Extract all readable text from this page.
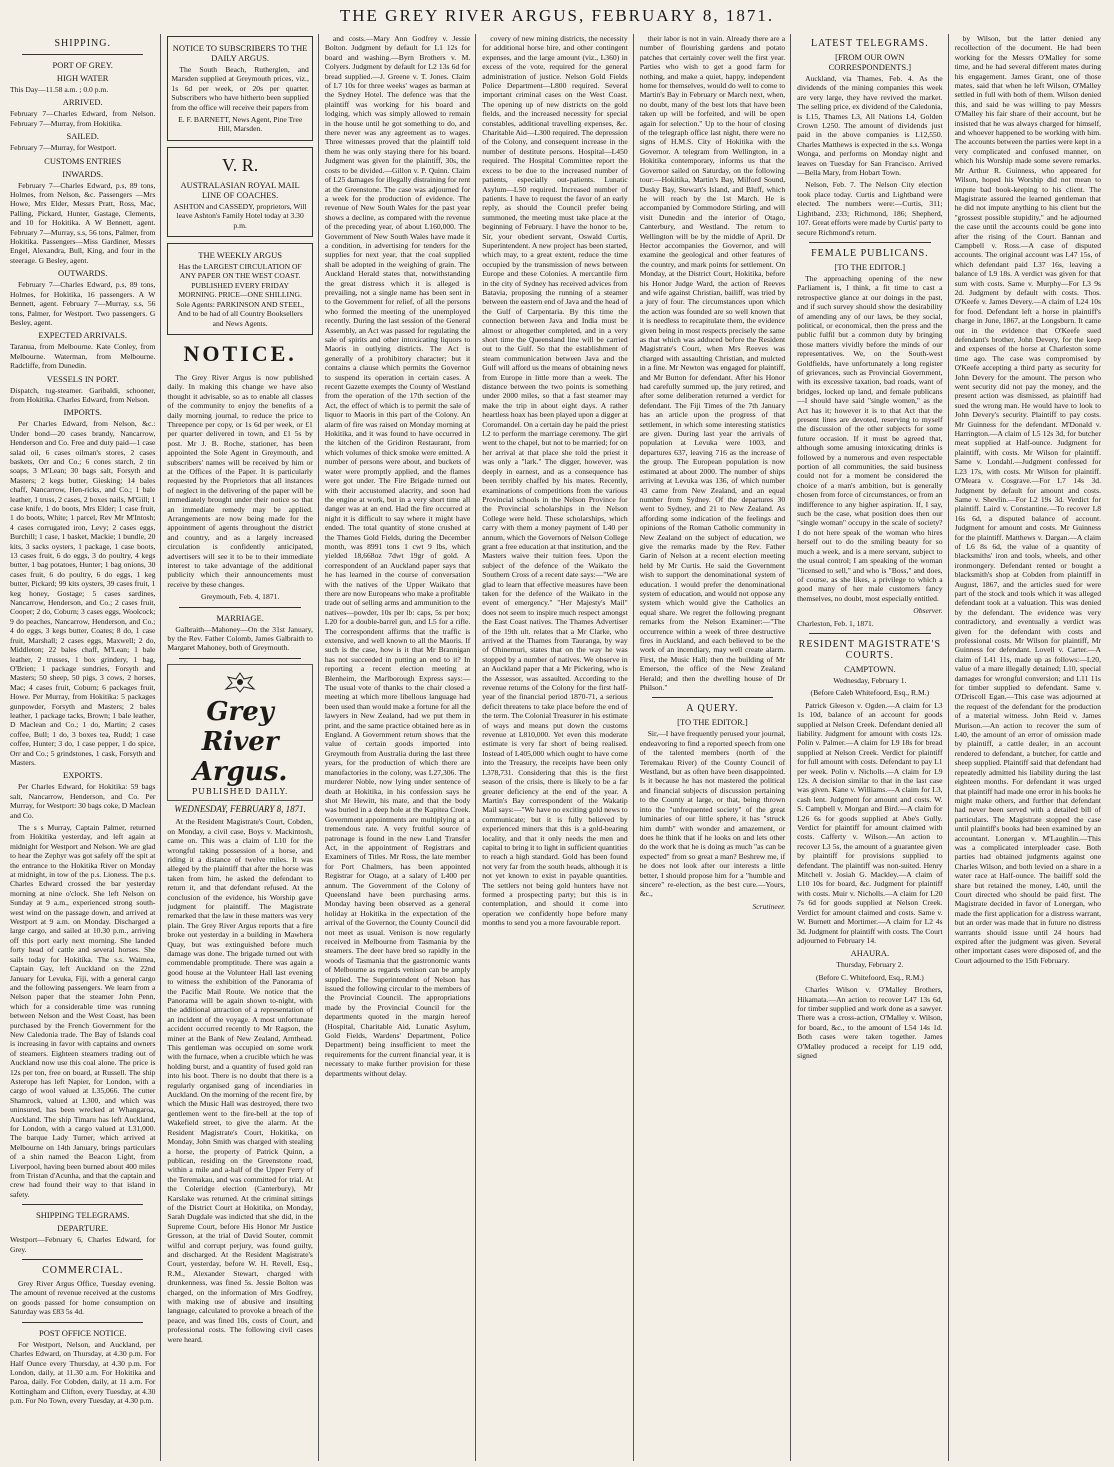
THE GREY RIVER ARGUS, FEBRUARY 8, 1871.
SHIPPING.
PORT OF GREY.
HIGH WATER

This Day—11.58 a.m. ; 0.0 p.m.

ARRIVED.

February 7—Charles Edward, from Nelson. February 7—Murray, from Hokitika.

SAILED.

February 7—Murray, for Westport.

CUSTOMS ENTRIES
INWARDS.

February 7—Charles Edward, p.s, 89 tons, Holmes, from Nelson, &c. Passengers —Mrs Howe, Mrs Elder, Messrs Pratt, Ross, Mac, Palling, Pickard, Hunter, Gastage, Clements, and 10 for Hokitika. A W Bennett, agent. February 7—Murray, s.s, 56 tons, Palmer, from Hokitika. Passengers—Miss Gardiner, Messrs Engel, Alexandra, Bull, King, and four in the steerage. G Besley, agent.

OUTWARDS.

February 7—Charles Edward, p.s, 89 tons, Holmes, for Hokitika, 16 passengers. A W Bennett, agent. February 7—Murray, s.s, 56 tons, Palmer, for Westport. Two passengers. G Besley, agent.

EXPECTED ARRIVALS.

Taranua, from Melbourne. Kate Conley, from Melbourne. Waterman, from Melbourne. Radcliffe, from Dunedin.

VESSELS IN PORT.

Dispatch, tug-steamer. Garibaldi, schooner, from Hokitika. Charles Edward, from Nelson.

IMPORTS.

Per Charles Edward, from Nelson, &c.: Under bond—20 cases brandy, Nancarrow, Henderson and Co. Free and duty paid—1 case salad oil, 6 cases oilman's stores, 2 cases baskets, Orr and Co.; 6 cones starch, 2 tin soaps, 3 M'Lean; 30 bags salt, Forsyth and Masters; 2 kegs butter, Giesking; 14 bales chaff, Nancarrow, Hen-ricks, and Co.; 1 bale leather, 1 truss, 2 cases, 2 boxes nails, M'Gill; 1 case knife, 1 do boots, Mrs Elder; 1 case fruit, 1 do boots, White; 1 parcel, Rev Mr M'Intosh; 4 cases corrugated iron, Levy; 2 cases eggs, Burchill; 1 case, 1 basket, Mackie; 1 bundle, 20 kits, 3 sacks oysters, 1 package, 1 case boots, 13 cases fruit, 6 do eggs, 3 do poultry, 4 kegs butter, 1 bag potatoes, Hunter; 1 bag onions, 30 cases fruit, 6 do poultry, 6 do eggs, 1 keg butter, Pickard; 99 kits oysters, 39 cases fruit, 1 keg honey, Gostage; 5 cases sardines, Nancarrow, Henderson, and Co.; 2 cases fruit, Cooper; 2 do, Coburn; 3 cases eggs, Woolcock; 9 do peaches, Nancarrow, Henderson, and Co.; 4 do eggs, 3 kegs butter, Coates; 8 do, 1 case fruit, Marshall; 2 cases eggs, Maxwell; 2 do, Middleton; 22 bales chaff, M'Lean; 1 bale leather, 2 trusses, 1 box grindery, 1 bag, O'Brien; 1 package sundries, Forsyth and Masters; 50 sheep, 50 pigs, 3 cows, 2 horses, Mac; 4 cases fruit, Coburn; 6 packages fruit, Howe. Per Murray, from Hokitika: 5 packages gunpowder, Forsyth and Masters; 2 bales leather, 1 package tacks, Brown; 1 bale leather, D Maclean and Co.; 1 do, Martin; 2 cases coffee, Bull; 1 do, 3 boxes tea, Rudd; 1 case coffee, Hunter; 3 do, 1 case pepper, 1 do spice, Orr and Co.; 5 grindstones, 1 cask, Forsyth and Masters.

EXPORTS.

Per Charles Edward, for Hokitika: 59 bags salt, Nancarrow, Henderson, and Co. Per Murray, for Westport: 30 bags coke, D Maclean and Co.

The s s Murray, Captain Palmer, returned from Hokitika yesterday, and left again at midnight for Westport and Nelson. We are glad to hear the Zephyr was got safely off the spit at the entrance to the Hokitika River on Monday at midnight, in tow of the p.s. Lioness. The p.s. Charles Edward crossed the bar yesterday morning at nine o'clock. She left Nelson on Sunday at 9 a.m., experienced strong south-west wind on the passage down, and arrived at Westport at 9 a.m. on Monday. Discharged a large cargo, and sailed at 10.30 p.m., arriving off this port early next morning. She landed forty head of cattle and several horses. She sails today for Hokitika. The s.s. Waimea, Captain Gay, left Auckland on the 22nd January for Levuka, Fiji, with a general cargo and the following passengers. We learn from a Nelson paper that the steamer John Penn, which for a considerable time was running between Nelson and the West Coast, has been purchased by the French Government for the New Caledonia trade. The Bay of Islands coal is increasing in favor with captains and owners of steamers. Eighteen steamers trading out of Auckland now use this coal alone. The price is 12s per ton, free on board, at Russell. The ship Asterope has left Napier, for London, with a cargo of wool valued at L35,066. The cutter Shamrock, valued at L300, and which was uninsured, has been wrecked at Whangaroa, Auckland. The ship Timaru has left Auckland, for London, with a cargo valued at L31,000. The barque Lady Turner, which arrived at Melbourne on 14th January, brings particulars of a shin named the Beacon Light, from Liverpool, having been burned about 400 miles from Tristan d'Acunha, and that the captain and crew had found their way to that island in safety.

SHIPPING TELEGRAMS.
DEPARTURE.

Westport—February 6, Charles Edward, for Grey.

COMMERCIAL.

Grey River Argus Office, Tuesday evening. The amount of revenue received at the customs on goods passed for home consumption on Saturday was £83 5s 4d.

POST OFFICE NOTICE.

For Westport, Nelson, and Auckland, per Charles Edward, on Thursday, at 4.30 p.m. For Half Ounce every Thursday, at 4.30 p.m. For London, daily, at 11.30 a.m. For Hokitika and Paroa, daily. For Cobden, daily, at 11 a.m. For Kottingham and Clifton, every Tuesday, at 4.30 p.m. For No Town, every Tuesday, at 4.30 p.m.

NOTICE TO SUBSCRIBERS TO THE DAILY ARGUS.

The South Beach, Rutherglen, and Marsden supplied at Greymouth prices, viz., 1s 6d per week, or 20s per quarter. Subscribers who have hitherto been supplied from the office will receive their papers from

E. F. BARNETT, News Agent, Pine Tree Hill, Marsden.

V. R.
AUSTRALASIAN ROYAL MAIL LINE OF COACHES.

ASHTON and CASSEDY, proprietors, Will leave Ashton's Family Hotel today at 3.30 p.m.

THE WEEKLY ARGUS

Has the LARGEST CIRCULATION OF ANY PAPER ON THE WEST COAST. PUBLISHED EVERY FRIDAY MORNING. PRICE—ONE SHILLING. Sole Agents: PARKINSON AND STEEL, And to be had of all Country Booksellers and News Agents.

NOTICE.

The Grey River Argus is now published daily. In making this change we have also thought it advisable, so as to enable all classes of the community to enjoy the benefits of a daily morning journal, to reduce the price to Threepence per copy, or 1s 6d per week, or £1 per quarter delivered in town, and £1 5s by post. Mr J. B. Roche, stationer, has been appointed the Sole Agent in Greymouth, and subscribers' names will be received by him or at the Offices of the Paper. It is particularly requested by the Proprietors that all instances of neglect in the delivering of the paper will be immediately brought under their notice so that an immediate remedy may be applied. Arrangements are now being made for the appointment of agents throughout the district and country, and as a largely increased circulation is confidently anticipated, advertisers will see it to be to their immediate interest to take advantage of the additional publicity which their announcements must receive by these changes.

Greymouth, Feb. 4, 1871.

MARRIAGE.

Galbraith—Mahoney—On the 31st January, by the Rev. Father Colomb, James Galbraith to Margaret Mahoney, both of Greymouth.

Grey River Argus.
PUBLISHED DAILY.

WEDNESDAY, FEBRUARY 8, 1871.

At the Resident Magistrate's Court, Cobden, on Monday, a civil case, Boys v. Mackintosh, came on. This was a claim of L10 for the wrongful taking possession of a horse, and riding it a distance of twelve miles. It was alleged by the plaintiff that after the horse was taken from him, he asked the defendant to return it, and that defendant refused. At the conclusion of the evidence, his Worship gave judgment for plaintiff. The Magistrate remarked that the law in these matters was very plain. The Grey River Argus reports that a fire broke out yesterday in a building in Mawhera Quay, but was extinguished before much damage was done. The brigade turned out with commendable promptitude. There was again a good house at the Volunteer Hall last evening to witness the exhibition of the Panorama of the Pacific Mail Route. We notice that the Panorama will be again shown to-night, with the additional attraction of a representation of an incident of the voyage. A most unfortunate accident occurred recently to Mr Ragson, the miner at the Bank of New Zealand, Arnthead. This gentleman was occupied on some work with the furnace, when a crucible which he was holding burst, and a quantity of fused gold ran into his boot. There is no doubt that there is a regularly organised gang of incendiaries in Auckland. On the morning of the recent fire, by which the Music Hall was destroyed, there two gentlemen went to the fire-bell at the top of Wakefield street, to give the alarm. At the Resident Magistrate's Court, Hokitika, on Monday, John Smith was charged with stealing a horse, the property of Patrick Quinn, a publican, residing on the Greenstone road, within a mile and a-half of the Upper Ferry of the Teremakau, and was committed for trial. At the Coleridge election (Canterbury), Mr Karslake was returned. At the criminal sittings of the District Court at Hokitika, on Monday, Sarah Dugdale was indicted that she did, in the Supreme Court, before His Honor Mr Justice Gresson, at the trial of David Souter, commit wilful and corrupt perjury, was found guilty, and discharged. At the Resident Magistrate's Court, yesterday, before W. H. Revell, Esq., R.M., Alexander Stewart, charged with drunkenness, was fined 5s. Jessie Bolton was charged, on the information of Mrs Godfrey, with making use of abusive and insulting language, calculated to provoke a breach of the peace, and was fined 10s, costs of Court, and professional costs. The following civil cases were heard.

and costs.—Mary Ann Godfrey v. Jessie Bolton. Judgment by default for L1 12s for board and washing.—Byrn Brothers v. M. Colyers. Judgment by default for L2 13s 6d for bread supplied.—J. Greene v. T. Jones. Claim of L7 10s for three weeks' wages as barman at the Sydney Hotel. The defence was that the plaintiff was working for his board and lodging, which was simply allowed to remain in the house until he got something to do, and there never was any agreement as to wages. Three witnesses proved that the plaintiff told them he was only staying there for his board. Judgment was given for the plaintiff, 30s, the costs to be divided.—Gillon v. P. Quinn. Claim of L25 damages for illegally distraining for rent at the Greenstone. The case was adjourned for a week for the production of evidence. The revenue of New South Wales for the past year shows a decline, as compared with the revenue of the preceding year, of about L160,000. The Government of New South Wales have made it a condition, in advertising for tenders for the supplies for next year, that the coal supplied shall be adopted in the weighing of grain. The Auckland Herald states that, notwithstanding the great distress which it is alleged is prevailing, not a single name has been sent in to the Government for relief, of all the persons who formed the meeting of the unemployed recently. During the last session of the General Assembly, an Act was passed for regulating the sale of spirits and other intoxicating liquors to Maoris in outlying districts. The Act is generally of a prohibitory character; but it contains a clause which permits the Governor to suspend its operation in certain cases. A recent Gazette exempts the County of Westland from the operation of the 17th section of the Act, the effect of which is to permit the sale of liquor to Maoris in this part of the Colony. An alarm of fire was raised on Monday morning at Hokitika, and it was found to have occurred in the kitchen of the Gridiron Restaurant, from which volumes of thick smoke were emitted. A number of persons were about, and buckets of water were promptly applied, and the flames were got under. The Fire Brigade turned out with their accustomed alacrity, and soon had the engine at work, but in a very short time all danger was at an end. Had the fire occurred at night it is difficult to say where it might have ended. The total quantity of stone crushed at the Thames Gold Fields, during the December month, was 8991 tons 1 cwt 9 lbs, which yielded 18,668oz 7dwt 19gr of gold. A correspondent of an Auckland paper says that he has learned in the course of conversation with the natives of the Upper Waikato that there are now Europeans who make a profitable trade out of selling arms and ammunition to the natives—powder, 10s per lb: caps, 5s per box; L20 for a double-barrel gun, and L5 for a rifle. The correspondent affirms that the traffic is extensive, and well known to all the Maoris. If such is the case, how is it that Mr Brannigan has not succeeded in putting an end to it? In reporting a recent election meeting at Blenheim, the Marlborough Express says:—The usual vote of thanks to the chair closed a meeting at which more libellous language had been used than would make a fortune for all the lawyers in New Zealand, had we put them in print, and the same practice obtained here as in England. A Government return shows that the value of certain goods imported into Greymouth from Australia during the last three years, for the production of which there are manufactories in the colony, was L27,306. The murderer Noble, now lying under sentence of death at Hokitika, in his confession says he shot Mr Hewitt, his mate, and that the body was buried in a deep hole at the Kapitea Creek. Government appointments are multiplying at a tremendous rate. A very fruitful source of patronage is found in the new Land Transfer Act, in the appointment of Registrars and Examiners of Titles. Mr Ross, the late member for Port Chalmers, has been appointed Registrar for Otago, at a salary of L400 per annum. The Government of the Colony of Queensland have been purchasing arms. Monday having been observed as a general holiday at Hokitika in the expectation of the arrival of the Governor, the County Council did not meet as usual. Venison is now regularly received in Melbourne from Tasmania by the steamers. The deer have bred so rapidly in the woods of Tasmania that the gastronomic wants of Melbourne as regards venison can be amply supplied. The Superintendent of Nelson has issued the following circular to the members of the Provincial Council. The appropriations made by the Provincial Council for the departments quoted in the margin hereof (Hospital, Charitable Aid, Lunatic Asylum, Gold Fields, Wardens' Department, Police Department) being insufficient to meet the requirements for the current financial year, it is necessary to make further provision for these departments without delay.

covery of new mining districts, the necessity for additional horse hire, and other contingent expenses, and the large amount (viz., L360) in excess of the vote, required for the general administration of justice. Nelson Gold Fields Police Department—L800 required. Several important criminal cases on the West Coast. The opening up of new districts on the gold fields, and the increased necessity for special constables, additional travelling expenses, &c. Charitable Aid—L300 required. The depression of the Colony, and consequent increase in the number of destitute persons. Hospital—L450 required. The Hospital Committee report the excess to be due to the increased number of patients, especially out-patients. Lunatic Asylum—L50 required. Increased number of patients. I have to request the favor of an early reply, as should the Council prefer being summoned, the meeting must take place at the beginning of February. I have the honor to be, Sir, your obedient servant, Oswald Curtis, Superintendent. A new project has been started, which may, to a great extent, reduce the time occupied by the transmission of news between Europe and these Colonies. A mercantile firm in the city of Sydney has received advices from Batavia, proposing the running of a steamer between the eastern end of Java and the head of the Gulf of Carpentaria. By this time the connection between Java and India must be almost or altogether completed, and in a very short time the Queensland line will be carried out to the Gulf. So that the establishment of steam communication between Java and the Gulf will afford us the means of obtaining news from Europe in little more than a week. The distance between the two points is something under 2000 miles, so that a fast steamer may make the trip in about eight days. A rather heartless hoax has been played upon a digger at Coromandel. On a certain day he paid the priest L2 to perform the marriage ceremony. The girl went to the chapel, but not to be married; for on her arrival at that place she told the priest it was only a "lark." The digger, however, was deeply in earnest, and as a consequence has been terribly chaffed by his mates. Recently, examinations of competitions from the various Provincial schools in the Nelson Province for the Provincial scholarships in the Nelson College were held. These scholarships, which carry with them a money payment of L40 per annum, which the Governors of Nelson College grant a free education at that institution, and the Masters waive their tuition fees. Upon the subject of the defence of the Waikato the Southern Cross of a recent date says:—"We are glad to learn that effective measures have been taken for the defence of the Waikato in the event of emergency." "Her Majesty's Mail" does not seem to inspire much respect amongst the East Coast natives. The Thames Advertiser of the 19th ult. relates that a Mr Clarke, who arrived at the Thames from Tauranga, by way of Ohinemuri, states that on the way he was stopped by a number of natives. We observe in an Auckland paper that a Mr Pickering, who is the Assessor, was assaulted. According to the revenue returns of the Colony for the first half-year of the financial period 1870-71, a serious deficit threatens to take place before the end of the term. The Colonial Treasurer in his estimate of ways and means put down the customs revenue at L810,000. Yet even this moderate estimate is very far short of being realised. Instead of L405,000 which ought to have come into the Treasury, the receipts have been only L378,731. Considering that this is the first season of the crisis, there is likely to be a far greater deficiency at the end of the year. A Martin's Bay correspondent of the Wakatip Mail says:—"We have no exciting gold news to communicate; but it is fully believed by experienced miners that this is a gold-bearing locality, and that it only needs the men and capital to bring it to light in sufficient quantities to reach a high standard. Gold has been found not very far from the south heads, although it is not yet known to exist in payable quantities. The settlers not being gold hunters have not formed a prospecting party; but this is in contemplation, and should it come into operation we confidently hope before many months to send you a more favourable report.

their labor is not in vain. Already there are a number of flourishing gardens and potato patches that certainly cover well the first year. Parties who wish to get a good farm for nothing, and make a quiet, happy, independent home for themselves, would do well to come to Martin's Bay in February or March next, when, no doubt, many of the best lots that have been taken up will be forfeited, and will be open again for selection." Up to the hour of closing of the telegraph office last night, there were no signs of H.M.S. City of Hokitika with the Governor. A telegram from Wellington, in a Hokitika contemporary, informs us that the Governor sailed on Saturday, on the following tour:—Hokitika, Martin's Bay, Milford Sound, Dusky Bay, Stewart's Island, and Bluff, which he will reach by the 1st March. He is accompanied by Commodore Stirling, and will visit Dunedin and the interior of Otago, Canterbury, and Westland. The return to Wellington will be by the middle of April. Dr Hector accompanies the Governor, and will examine the geological and other features of the country, and mark points for settlement. On Monday, at the District Court, Hokitika, before his Honor Judge Ward, the action of Reeves and wife against Christian, bailiff, was tried by a jury of four. The circumstances upon which the action was founded are so well known that it is needless to recapitulate them, the evidence given being in most respects precisely the same as that which was adduced before the Resident Magistrate's Court, when Mrs Reeves was charged with assaulting Christian, and mulcted in a fine. Mr Newton was engaged for plaintiff, and Mr Button for defendant. After his Honor had carefully summed up, the jury retired, and after some deliberation returned a verdict for defendant. The Fiji Times of the 7th January has an article upon the progress of that settlement, in which some interesting statistics are given. During last year the arrivals of population at Levuka were 1003, and departures 637, leaving 716 as the increase of the group. The European population is now estimated at about 2000. The number of ships arriving at Levuka was 136, of which number 43 came from New Zealand, and an equal number from Sydney. Of the departures 30 went to Sydney, and 21 to New Zealand. As affording some indication of the feelings and opinions of the Roman Catholic community in New Zealand on the subject of education, we give the remarks made by the Rev. Father Garin of Nelson at a recent election meeting held by Mr Curtis. He said the Government wish to support the denominational system of education. I would prefer the denominational system of education, and would not oppose any system which would give the Catholics an equal share. We regret the following pregnant remarks from the Nelson Examiner:—"The occurrence within a week of three destructive fires in Auckland, and each believed to be the work of an incendiary, may well create alarm. First, the Music Hall; then the building of Mr Emerson, the office of the New Zealand Herald; and then the dwelling house of Dr Philson."

A QUERY.
[TO THE EDITOR.]

Sir,—I have frequently perused your journal, endeavoring to find a reported speech from one of the talented members (north of the Teremakau River) of the County Council of Westland, but as often have been disappointed. Is it because he has not mastered the political and financial subjects of discussion pertaining to the County at large, or that, being thrown into the "unfrequented society" of the great luminaries of our little sphere, it has "struck him dumb" with wonder and amazement, or does he think that if he looks on and lets other do the work that he is doing as much "as can be expected" from so great a man? Beshrew me, if he does not look after our interests a little better, I should propose him for a "humble and sincere" re-election, as the best cure.—Yours, &c.,

Scrutineer.

LATEST TELEGRAMS.
[FROM OUR OWN CORRESPONDENTS.]

Auckland, via Thames, Feb. 4. As the dividends of the mining companies this week are very large, they have revived the market. The selling price, ex dividend of the Caledonia, is L15, Thames L3, All Nations L4, Golden Crown L250. The amount of dividends just paid in the above companies is L12,550. Charles Matthews is expected in the s.s. Wonga Wonga, and performs on Monday night and leaves on Tuesday for San Francisco. Arrived—Bella Mary, from Hobart Town.

Nelson, Feb. 7. The Nelson City election took place today. Curtis and Lightband were elected. The numbers were:—Curtis, 311; Lightband, 233; Richmond, 186; Shepherd, 107. Great efforts were made by Curtis' party to secure Richmond's return.

FEMALE PUBLICANS.
[TO THE EDITOR.]

The approaching opening of the new Parliament is, I think, a fit time to cast a retrospective glance at our doings in the past, and if such survey should show the desirability of amending any of our laws, be they social, political, or economical, then the press and the public fulfil but a common duty by bringing those matters vividly before the minds of our representatives. We, on the South-west Goldfields, have unfortunately a long register of grievances, such as Provincial Government, with its excessive taxation, bad roads, want of bridges, locked up land, and female publicans—I should have said "single women," as the Act has it; however it is to that Act that the present lines are devoted, reserving to myself the discussion of the other subjects for some future occasion. If it must be agreed that, although some amusing intoxicating drinks is followed by a numerous and even respectable portion of all communities, the said business could not for a moment be considered the choice of a man's ambition, but is generally chosen from force of circumstances, or from an indifference to any higher aspiration. If, I say, such be the case, what position does then our "single woman" occupy in the scale of society? I do not here speak of the woman who hires herself out to do the smiling beauty for so much a week, and is a mere servant, subject to the usual control; I am speaking of the woman "licensed to sell," and who is "Boss," and does, of course, as she likes, a privilege to which a good many of her male customers fancy themselves, no doubt, most especially entitled.

Observer.

Charleston, Feb. 1, 1871.

RESIDENT MAGISTRATE'S COURTS.
CAMPTOWN.

Wednesday, February 1.

(Before Caleb Whitefoord, Esq., R.M.)

Patrick Gleeson v. Ogden.—A claim for L3 1s 10d, balance of an account for goods supplied at Nelson Creek. Defendant denied all liability. Judgment for amount with costs 12s. Polin v. Palmer.—A claim for L9 18s for bread supplied at Nelson Creek. Verdict for plaintiff for full amount with costs. Defendant to pay L1 per week. Polin v. Nicholls.—A claim for L9 12s. A decision similar to that in the last case was given. Kane v. Williams.—A claim for L3, cash lent. Judgment for amount and costs. W. S. Campbell v. Morgan and Bird.—A claim for L26 6s for goods supplied at Abe's Gully. Verdict for plaintiff for amount claimed with costs. Cafferty v. Wilson.—An action to recover L3 5s, the amount of a guarantee given by plaintiff for provisions supplied to defendant. The plaintiff was non-suited. Henry Mitchell v. Josiah G. Mackley.—A claim of L10 10s for board, &c. Judgment for plaintiff with costs. Muir v. Nicholls.—A claim for L20 7s 6d for goods supplied at Nelson Creek. Verdict for amount claimed and costs. Same v. W. Burnett and Mortimer.—A claim for L2 4s 3d. Judgment for plaintiff with costs. The Court adjourned to February 14.

AHAURA.

Thursday, February 2.

(Before C. Whitefoord, Esq., R.M.)

Charles Wilson v. O'Malley Brothers, Hikamata.—An action to recover L47 13s 6d, for timber supplied and work done as a sawyer. There was a cross-action, O'Malley v. Wilson, for board, &c., to the amount of L54 14s 1d. Both cases were taken together. James O'Malley produced a receipt for L19 odd, signed

by Wilson, but the latter denied any recollection of the document. He had been working for the Messrs O'Malley for some time, and he had several different mates during his engagement. James Grant, one of those mates, said that when he left Wilson, O'Malley settled in full with both of them. Wilson denied this, and said he was willing to pay Messrs O'Malley his fair share of their account, but he insisted that he was always charged for himself, and whoever happened to be working with him. The accounts between the parties were kept in a very complicated and confused manner, on which his Worship made some severe remarks. Mr Arthur R. Guinness, who appeared for Wilson, hoped his Worship did not mean to impute bad book-keeping to his client. The Magistrate assured the learned gentleman that he did not impute anything to his client but the "grossest possible stupidity," and he adjourned the case until the accounts could be gone into after the rising of the Court. Bannan and Campbell v. Ross.—A case of disputed accounts. The original account was L47 15s, of which defendant paid L37 16s, leaving a balance of L9 18s. A verdict was given for that sum with costs. Same v. Murphy—For L3 9s 2d. Judgment by default with costs. Thos. O'Keefe v. James Devery.—A claim of L24 10s for food. Defendant left a horse in plaintiff's charge in June, 1867, at the Longsburn. It came out in the evidence that O'Keefe sued defendant's brother, John Devery, for the keep and expenses of the horse at Charleston some time ago. The case was compromised by O'Keefe accepting a third party as security for John Devery for the amount. The person who went security did not pay the money, and the present action was dismissed, as plaintiff had sued the wrong man. He would have to look to John Devery's security. Plaintiff to pay costs. Mr Guinness for the defendant. M'Donald v. Harrington.—A claim of L5 12s 3d, for butcher meat supplied at Half-ounce. Judgment for plaintiff, with costs. Mr Wilson for plaintiff. Same v. Londahl.—Judgment confessed for L23 17s, with costs. Mr Wilson for plaintiff. O'Meara v. Cosgrave.—For L7 14s 3d. Judgment by default for amount and costs. Same v. Shevlin.—For L2 19s 3d. Verdict for plaintiff. Laird v. Constantine.—To recover L8 16s 6d, a disputed balance of account. Judgment for amount and costs. Mr Guinness for the plaintiff. Matthews v. Dargan.—A claim of L6 8s 6d, the value of a quantity of blacksmiths' iron and tools, wheels, and other ironmongery. Defendant rented or bought a blacksmith's shop at Cobden from plaintiff in August, 1867, and the articles sued for were part of the stock and tools which it was alleged defendant took at a valuation. This was denied by the defendant. The evidence was very contradictory, and eventually a verdict was given for the defendant with costs and professional costs. Mr Wilson for plaintiff, Mr Guinness for defendant. Lovell v. Carter.—A claim of L41 11s, made up as follows:—L20, value of a mare illegally detained; L10, special damages for wrongful conversion; and L11 11s for timber supplied to defendant. Same v. O'Driscoll Egan.—This case was adjourned at the request of the defendant for the production of a material witness. John Reid v. James Murison.—An action to recover the sum of L40, the amount of an error of omission made by plaintiff, a cattle dealer, in an account rendered to defendant, a butcher, for cattle and sheep supplied. Plaintiff said that defendant had repeatedly admitted his liability during the last eighteen months. For defendant it was urged that plaintiff had made one error in his books he might make others, and further that defendant had never been served with a detailed bill of particulars. The Magistrate stopped the case until plaintiff's books had been examined by an accountant. Lonergan v. M'Laughlin.—This was a complicated interpleader case. Both parties had obtained judgments against one Charles Wilson, and both levied on a share in a water race at Half-ounce. The bailiff sold the share but retained the money, L40, until the Court directed who should be paid first. The Magistrate decided in favor of Lonergan, who made the first application for a distress warrant, but an order was made that in future no distress warrants should issue until 24 hours had expired after the judgment was given. Several other important cases were disposed of, and the Court adjourned to the 15th February.
